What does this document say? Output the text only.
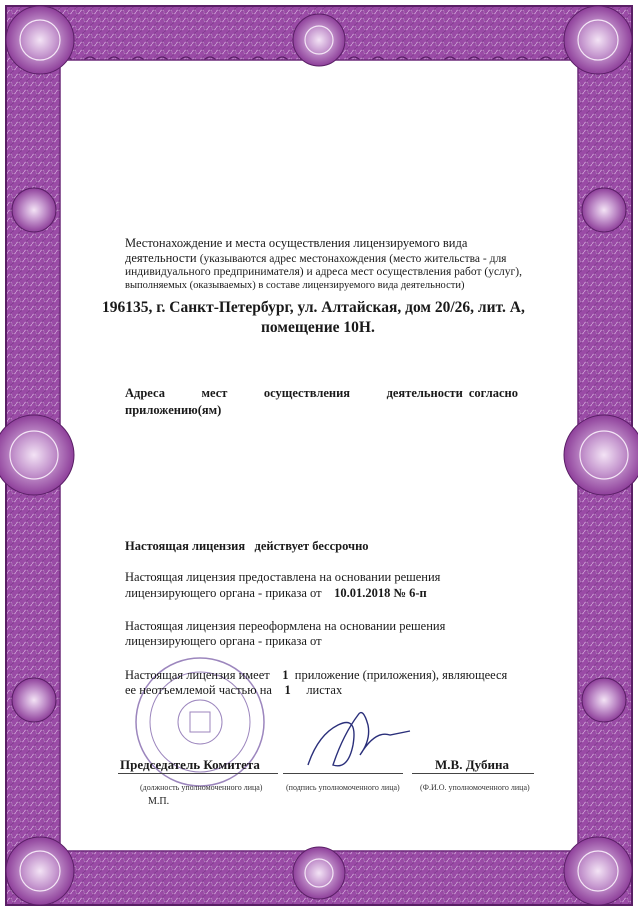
Местонахождение и места осуществления лицензируемого вида

деятельности (указываются адрес местонахождения (место жительства - для

индивидуального предпринимателя) и адреса мест осуществления работ (услуг),

выполняемых (оказываемых) в составе лицензируемого вида деятельности)

196135, г. Санкт-Петербург, ул. Алтайская, дом 20/26, лит. А,

помещение 10Н.

Адреса	мест	осуществления	деятельности согласно

приложению(ям)

Настоящая лицензия действует бессрочно

Настоящая лицензия предоставлена на основании решения

лицензирующего органа - приказа от 10.01.2018 № 6-п

Настоящая лицензия переоформлена на основании решения

лицензирующего органа - приказа от

Настоящая лицензия имеет 1 приложение (приложения), являющееся

ее неотъемлемой частью на 1 листах

Председатель Комитета

(должность уполномоченного лица)	(подпись уполномоченного лица)

М.В. Дубина

(Ф.И.О. уполномоченного лица)

М.П.
